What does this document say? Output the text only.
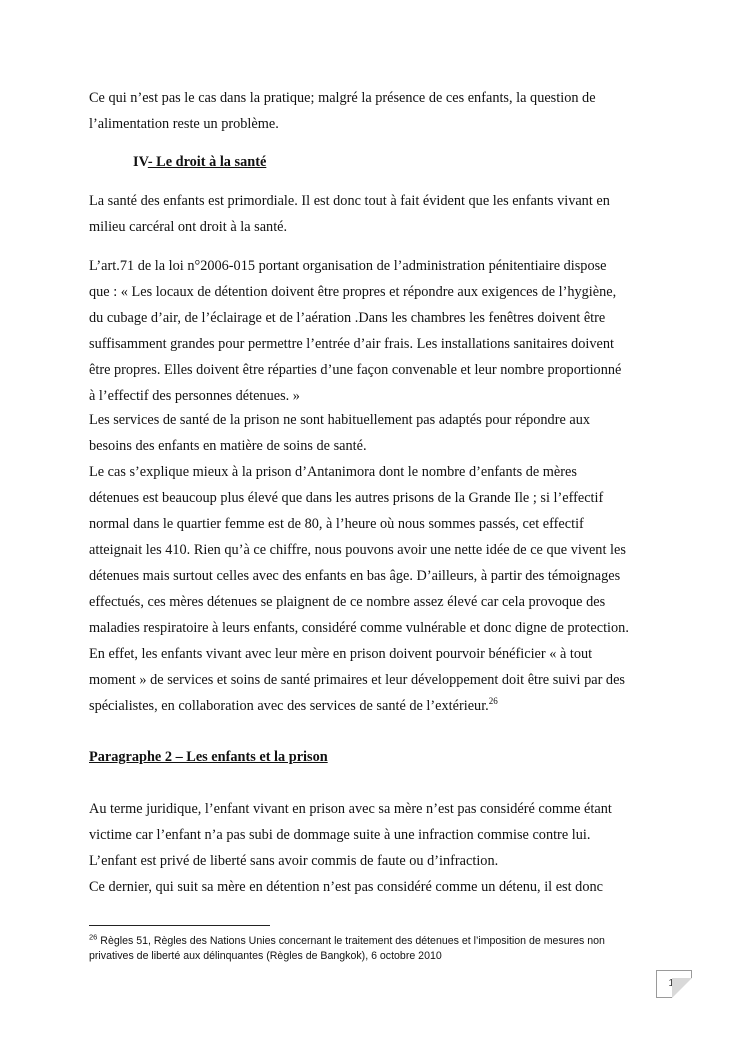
Ce qui n’est pas le cas dans la pratique; malgré la présence de ces enfants, la question de
l’alimentation reste un problème.
IV- Le droit à la santé
La santé des enfants est primordiale. Il est donc tout à fait évident que les enfants vivant en
milieu carcéral ont droit à la santé.
L’art.71 de la loi n°2006-015 portant organisation de l’administration pénitentiaire dispose
que : « Les locaux de détention doivent être propres et répondre aux exigences de l’hygiène,
du cubage d’air, de l’éclairage et de l’aération .Dans les chambres les fenêtres doivent être
suffisamment grandes pour permettre l’entrée d’air frais. Les installations sanitaires doivent
être propres. Elles doivent être réparties d’une façon convenable et leur nombre proportionné
à l’effectif des personnes détenues. »
Les services de santé de la prison ne sont habituellement pas adaptés pour répondre aux
besoins des enfants en matière de soins de santé.
Le cas s’explique mieux à la prison d’Antanimora dont le nombre d’enfants de mères
détenues est beaucoup plus élevé que dans les autres prisons de la Grande Ile ; si l’effectif
normal dans le quartier femme est de 80, à l’heure où nous sommes passés, cet effectif
atteignait les 410. Rien qu’à ce chiffre, nous pouvons avoir une nette idée de ce que vivent les
détenues mais surtout celles avec des enfants en bas âge. D’ailleurs, à partir des témoignages
effectués, ces mères détenues se plaignent de ce nombre assez élevé car cela provoque des
maladies respiratoire à leurs enfants, considéré comme vulnérable et donc digne de protection.
En effet, les enfants vivant avec leur mère en prison doivent pourvoir bénéficier « à tout
moment » de services et soins de santé primaires et leur développement doit être suivi par des
spécialistes, en collaboration avec des services de santé de l’extérieur.$^{26}$
Paragraphe 2 – Les enfants et la prison
Au terme juridique, l’enfant vivant en prison avec sa mère n’est pas considéré comme étant
victime car l’enfant n’a pas subi de dommage suite à une infraction commise contre lui.
L’enfant est privé de liberté sans avoir commis de faute ou d’infraction.
Ce dernier, qui suit sa mère en détention n’est pas considéré comme un détenu, il est donc
$^{26}$ Règles 51, Règles des Nations Unies concernant le traitement des détenues et l’imposition de mesures non
privatives de liberté aux délinquantes (Règles de Bangkok), 6 octobre 2010
12
